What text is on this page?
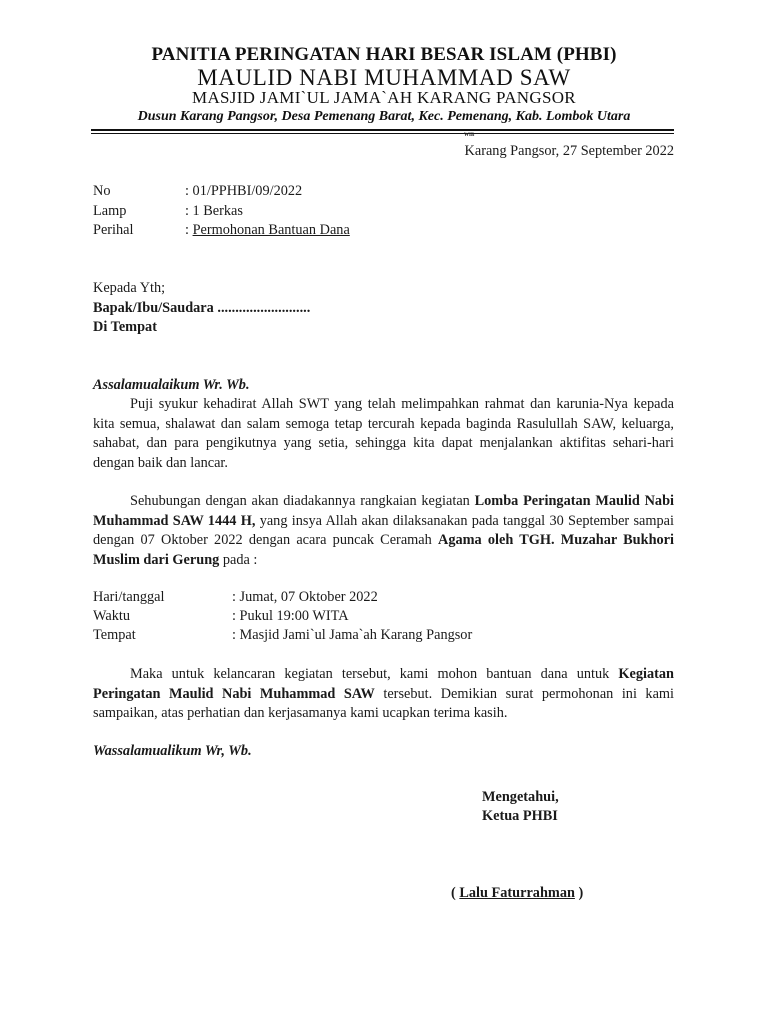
PANITIA PERINGATAN HARI BESAR ISLAM (PHBI)
MAULID NABI MUHAMMAD SAW
MASJID JAMI`UL JAMA`AH KARANG PANGSOR
Dusun Karang Pangsor, Desa Pemenang Barat, Kec. Pemenang, Kab. Lombok Utara
WIB
Karang Pangsor, 27 September 2022
No	: 01/PPHBI/09/2022
Lamp	: 1 Berkas
Perihal	: Permohonan Bantuan Dana
Kepada Yth;
Bapak/Ibu/Saudara ..........................
Di Tempat
Assalamualaikum Wr. Wb.

Puji syukur kehadirat Allah SWT yang telah melimpahkan rahmat dan karunia-Nya kepada kita semua, shalawat dan salam semoga tetap tercurah kepada baginda Rasulullah SAW, keluarga, sahabat, dan para pengikutnya yang setia, sehingga kita dapat menjalankan aktifitas sehari-hari dengan baik dan lancar.

Sehubungan dengan akan diadakannya rangkaian kegiatan Lomba Peringatan Maulid Nabi Muhammad SAW 1444 H, yang insya Allah akan dilaksanakan pada tanggal 30 September sampai dengan 07 Oktober 2022 dengan acara puncak Ceramah Agama oleh TGH. Muzahar Bukhori Muslim dari Gerung pada :

Hari/tanggal	: Jumat, 07 Oktober 2022
Waktu	: Pukul 19:00 WITA
Tempat	: Masjid Jami`ul Jama`ah Karang Pangsor

Maka untuk kelancaran kegiatan tersebut, kami mohon bantuan dana untuk Kegiatan Peringatan Maulid Nabi Muhammad SAW tersebut. Demikian surat permohonan ini kami sampaikan, atas perhatian dan kerjasamanya kami ucapkan terima kasih.

Wassalamualikum Wr, Wb.
Mengetahui,
Ketua PHBI
( Lalu Faturrahman )
